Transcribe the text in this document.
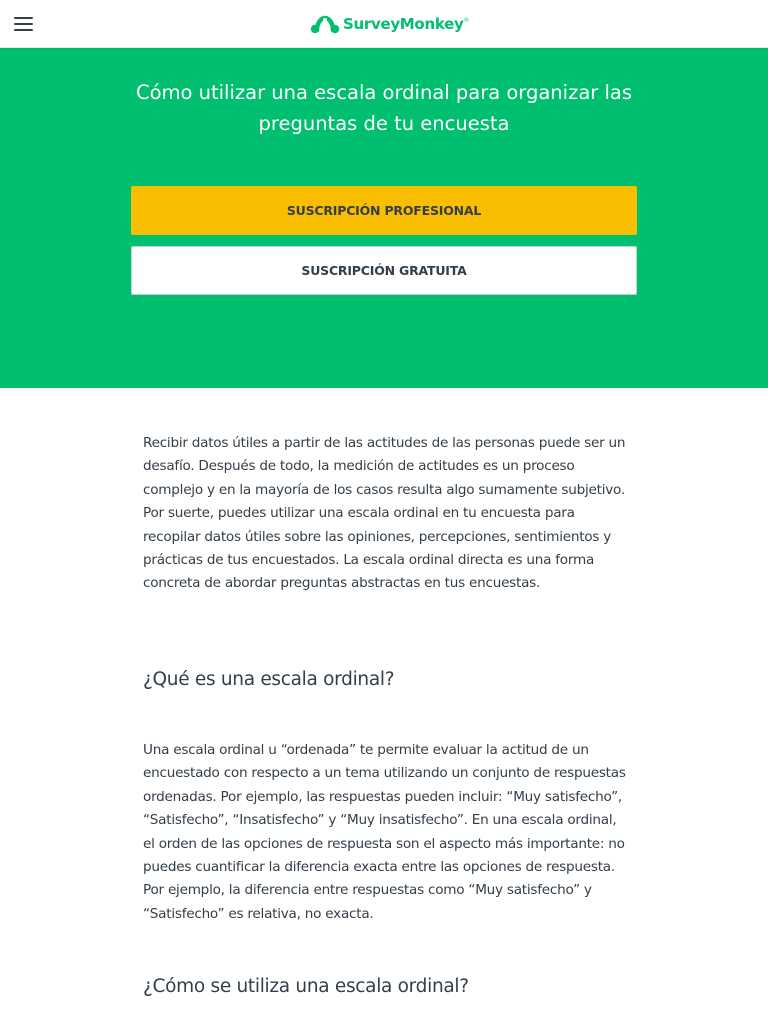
SurveyMonkey ®
Cómo utilizar una escala ordinal para organizar las preguntas de tu encuesta
SUSCRIPCIÓN PROFESIONAL
SUSCRIPCIÓN GRATUITA

Recibir datos útiles a partir de las actitudes de las personas puede ser un desafío. Después de todo, la medición de actitudes es un proceso complejo y en la mayoría de los casos resulta algo sumamente subjetivo. Por suerte, puedes utilizar una escala ordinal en tu encuesta para recopilar datos útiles sobre las opiniones, percepciones, sentimientos y prácticas de tus encuestados. La escala ordinal directa es una forma concreta de abordar preguntas abstractas en tus encuestas.

¿Qué es una escala ordinal?

Una escala ordinal u “ordenada” te permite evaluar la actitud de un encuestado con respecto a un tema utilizando un conjunto de respuestas ordenadas. Por ejemplo, las respuestas pueden incluir: “Muy satisfecho”, “Satisfecho”, “Insatisfecho” y “Muy insatisfecho”. En una escala ordinal, el orden de las opciones de respuesta son el aspecto más importante: no puedes cuantificar la diferencia exacta entre las opciones de respuesta. Por ejemplo, la diferencia entre respuestas como “Muy satisfecho” y “Satisfecho” es relativa, no exacta.

¿Cómo se utiliza una escala ordinal?
